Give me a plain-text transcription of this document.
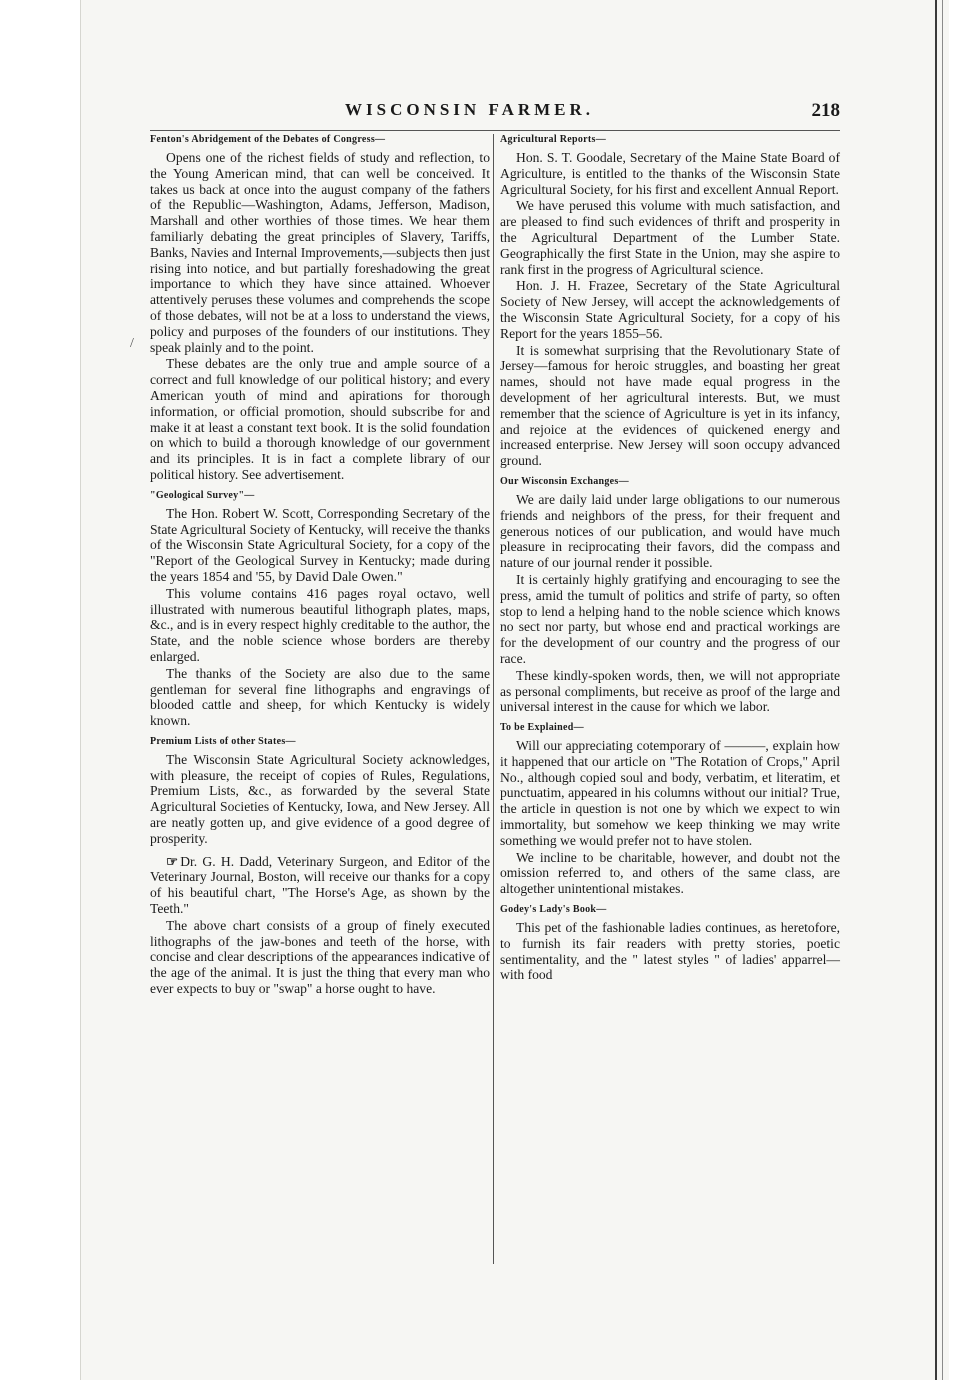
WISCONSIN FARMER.	218
/
Fenton's Abridgement of the Debates of Congress—

Opens one of the richest fields of study and reflection, to the Young American mind, that can well be conceived. It takes us back at once into the august company of the fathers of the Republic—Washington, Adams, Jefferson, Madison, Marshall and other worthies of those times. We hear them familiarly debating the great principles of Slavery, Tariffs, Banks, Navies and Internal Improvements,—subjects then just rising into notice, and but partially foreshadowing the great importance to which they have since attained. Whoever attentively peruses these volumes and comprehends the scope of those debates, will not be at a loss to understand the views, policy and purposes of the founders of our institutions. They speak plainly and to the point.

These debates are the only true and ample source of a correct and full knowledge of our political history; and every American youth of mind and apirations for thorough information, or official promotion, should subscribe for and make it at least a constant text book. It is the solid foundation on which to build a thorough knowledge of our government and its principles. It is in fact a complete library of our political history. See advertisement.

"Geological Survey"—

The Hon. Robert W. Scott, Corresponding Secretary of the State Agricultural Society of Kentucky, will receive the thanks of the Wisconsin State Agricultural Society, for a copy of the "Report of the Geological Survey in Kentucky; made during the years 1854 and '55, by David Dale Owen."

This volume contains 416 pages royal octavo, well illustrated with numerous beautiful lithograph plates, maps, &c., and is in every respect highly creditable to the author, the State, and the noble science whose borders are thereby enlarged.

The thanks of the Society are also due to the same gentleman for several fine lithographs and engravings of blooded cattle and sheep, for which Kentucky is widely known.

Premium Lists of other States—

The Wisconsin State Agricultural Society acknowledges, with pleasure, the receipt of copies of Rules, Regulations, Premium Lists, &c., as forwarded by the several State Agricultural Societies of Kentucky, Iowa, and New Jersey. All are neatly gotten up, and give evidence of a good degree of prosperity.

☞ Dr. G. H. Dadd, Veterinary Surgeon, and Editor of the Veterinary Journal, Boston, will receive our thanks for a copy of his beautiful chart, "The Horse's Age, as shown by the Teeth."

The above chart consists of a group of finely executed lithographs of the jaw-bones and teeth of the horse, with concise and clear descriptions of the appearances indicative of the age of the animal. It is just the thing that every man who ever expects to buy or "swap" a horse ought to have.

Agricultural Reports—

Hon. S. T. Goodale, Secretary of the Maine State Board of Agriculture, is entitled to the thanks of the Wisconsin State Agricultural Society, for his first and excellent Annual Report.

We have perused this volume with much satisfaction, and are pleased to find such evidences of thrift and prosperity in the Agricultural Department of the Lumber State. Geographically the first State in the Union, may she aspire to rank first in the progress of Agricultural science.

Hon. J. H. Frazee, Secretary of the State Agricultural Society of New Jersey, will accept the acknowledgements of the Wisconsin State Agricultural Society, for a copy of his Report for the years 1855–56.

It is somewhat surprising that the Revolutionary State of Jersey—famous for heroic struggles, and boasting her great names, should not have made equal progress in the development of her agricultural interests. But, we must remember that the science of Agriculture is yet in its infancy, and rejoice at the evidences of quickened energy and increased enterprise. New Jersey will soon occupy advanced ground.

Our Wisconsin Exchanges—

We are daily laid under large obligations to our numerous friends and neighbors of the press, for their frequent and generous notices of our publication, and would have much pleasure in reciprocating their favors, did the compass and nature of our journal render it possible.

It is certainly highly gratifying and encouraging to see the press, amid the tumult of politics and strife of party, so often stop to lend a helping hand to the noble science which knows no sect nor party, but whose end and practical workings are for the development of our country and the progress of our race.

These kindly-spoken words, then, we will not appropriate as personal compliments, but receive as proof of the large and universal interest in the cause for which we labor.

To be Explained—

Will our appreciating cotemporary of ———, explain how it happened that our article on "The Rotation of Crops," April No., although copied soul and body, verbatim, et literatim, et punctuatim, appeared in his columns without our initial? True, the article in question is not one by which we expect to win immortality, but somehow we keep thinking we may write something we would prefer not to have stolen.

We incline to be charitable, however, and doubt not the omission referred to, and others of the same class, are altogether unintentional mistakes.

Godey's Lady's Book—

This pet of the fashionable ladies continues, as heretofore, to furnish its fair readers with pretty stories, poetic sentimentality, and the " latest styles " of ladies' apparrel—with food
